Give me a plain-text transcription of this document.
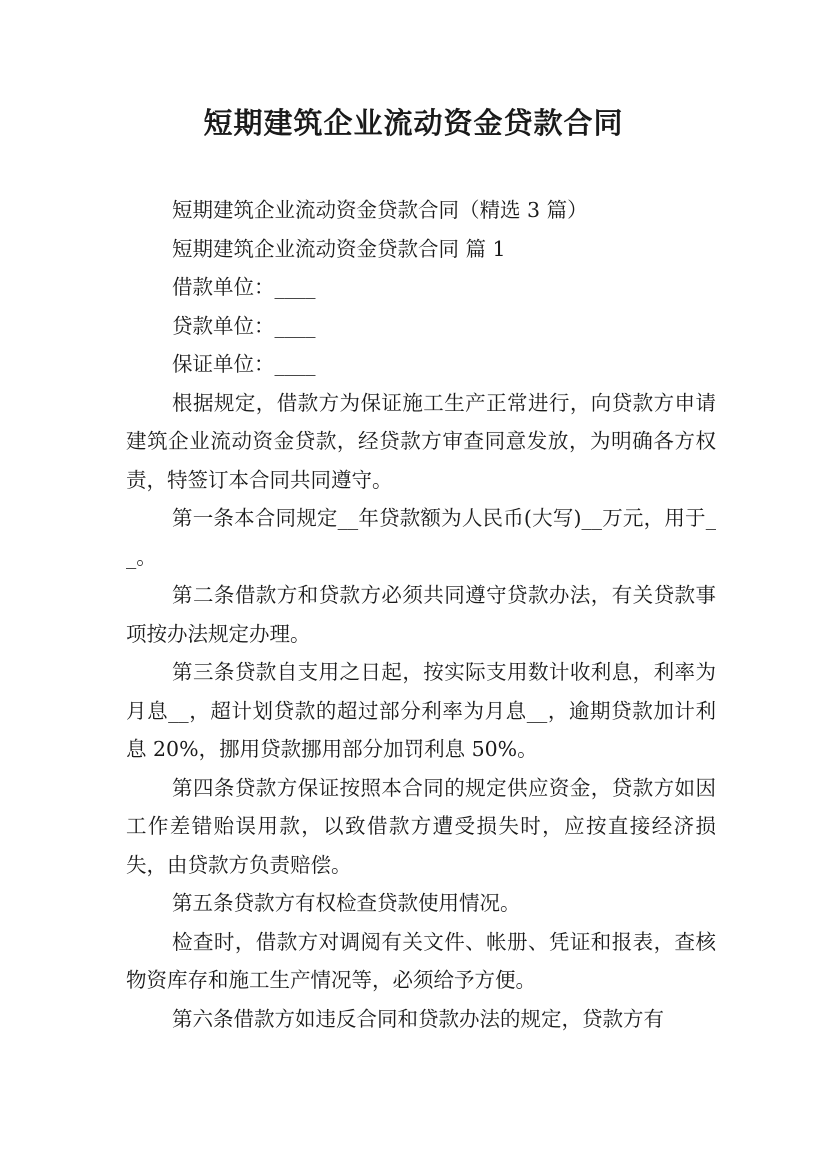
短期建筑企业流动资金贷款合同

短期建筑企业流动资金贷款合同（精选 3 篇）

短期建筑企业流动资金贷款合同 篇 1

借款单位：____

贷款单位：____

保证单位：____

根据规定，借款方为保证施工生产正常进行，向贷款方申请建筑企业流动资金贷款，经贷款方审查同意发放，为明确各方权责，特签订本合同共同遵守。

第一条本合同规定__年贷款额为人民币(大写)__万元，用于__。

第二条借款方和贷款方必须共同遵守贷款办法，有关贷款事项按办法规定办理。

第三条贷款自支用之日起，按实际支用数计收利息，利率为月息__，超计划贷款的超过部分利率为月息__，逾期贷款加计利息 20%，挪用贷款挪用部分加罚利息 50%。

第四条贷款方保证按照本合同的规定供应资金，贷款方如因工作差错贻误用款，以致借款方遭受损失时，应按直接经济损失，由贷款方负责赔偿。

第五条贷款方有权检查贷款使用情况。

检查时，借款方对调阅有关文件、帐册、凭证和报表，查核物资库存和施工生产情况等，必须给予方便。

第六条借款方如违反合同和贷款办法的规定，贷款方有
